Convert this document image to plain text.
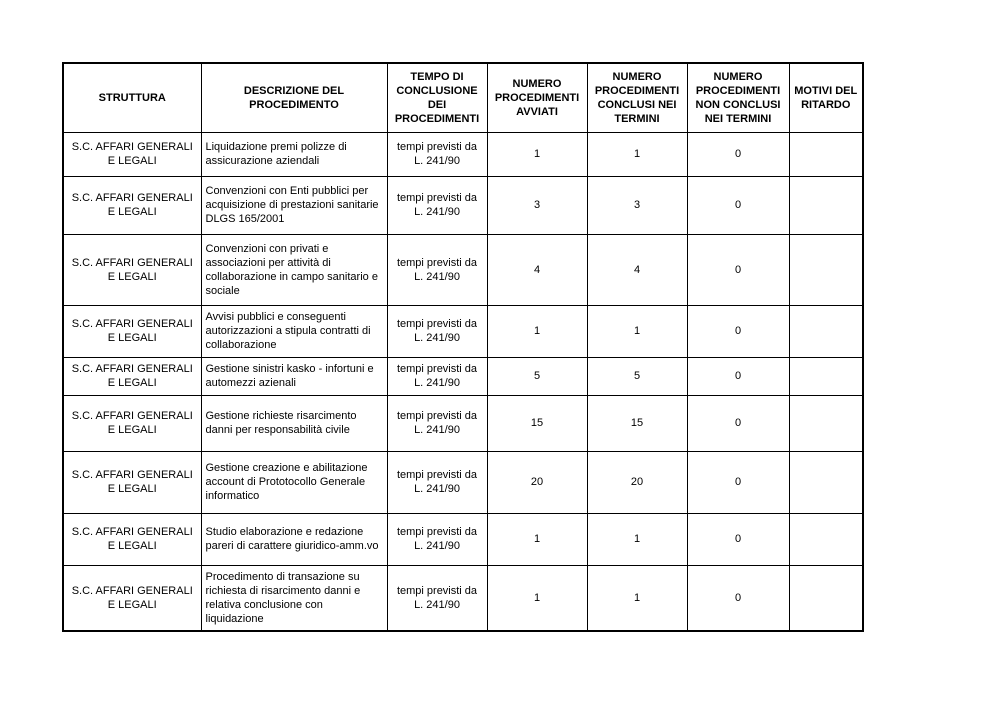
STRUTTURA	DESCRIZIONE DEL PROCEDIMENTO	TEMPO DI CONCLUSIONE DEI PROCEDIMENTI	NUMERO PROCEDIMENTI AVVIATI	NUMERO PROCEDIMENTI CONCLUSI NEI TERMINI	NUMERO PROCEDIMENTI NON CONCLUSI NEI TERMINI	MOTIVI DEL RITARDO
S.C. AFFARI GENERALI E LEGALI	Liquidazione premi polizze di assicurazione aziendali	tempi previsti da L. 241/90	1	1	0	
S.C. AFFARI GENERALI E LEGALI	Convenzioni con Enti pubblici per acquisizione di prestazioni sanitarie DLGS 165/2001	tempi previsti da L. 241/90	3	3	0	
S.C. AFFARI GENERALI E LEGALI	Convenzioni con privati e associazioni per attività di collaborazione in campo sanitario e sociale	tempi previsti da L. 241/90	4	4	0	
S.C. AFFARI GENERALI E LEGALI	Avvisi pubblici e conseguenti autorizzazioni a stipula contratti di collaborazione	tempi previsti da L. 241/90	1	1	0	
S.C. AFFARI GENERALI E LEGALI	Gestione sinistri kasko - infortuni e automezzi azienali	tempi previsti da L. 241/90	5	5	0	
S.C. AFFARI GENERALI E LEGALI	Gestione richieste risarcimento danni per responsabilità civile	tempi previsti da L. 241/90	15	15	0	
S.C. AFFARI GENERALI E LEGALI	Gestione creazione e abilitazione account di Prototocollo Generale informatico	tempi previsti da L. 241/90	20	20	0	
S.C. AFFARI GENERALI E LEGALI	Studio elaborazione e redazione pareri di carattere giuridico-amm.vo	tempi previsti da L. 241/90	1	1	0	
S.C. AFFARI GENERALI E LEGALI	Procedimento di transazione su richiesta di risarcimento danni e relativa conclusione con liquidazione	tempi previsti da L. 241/90	1	1	0	
